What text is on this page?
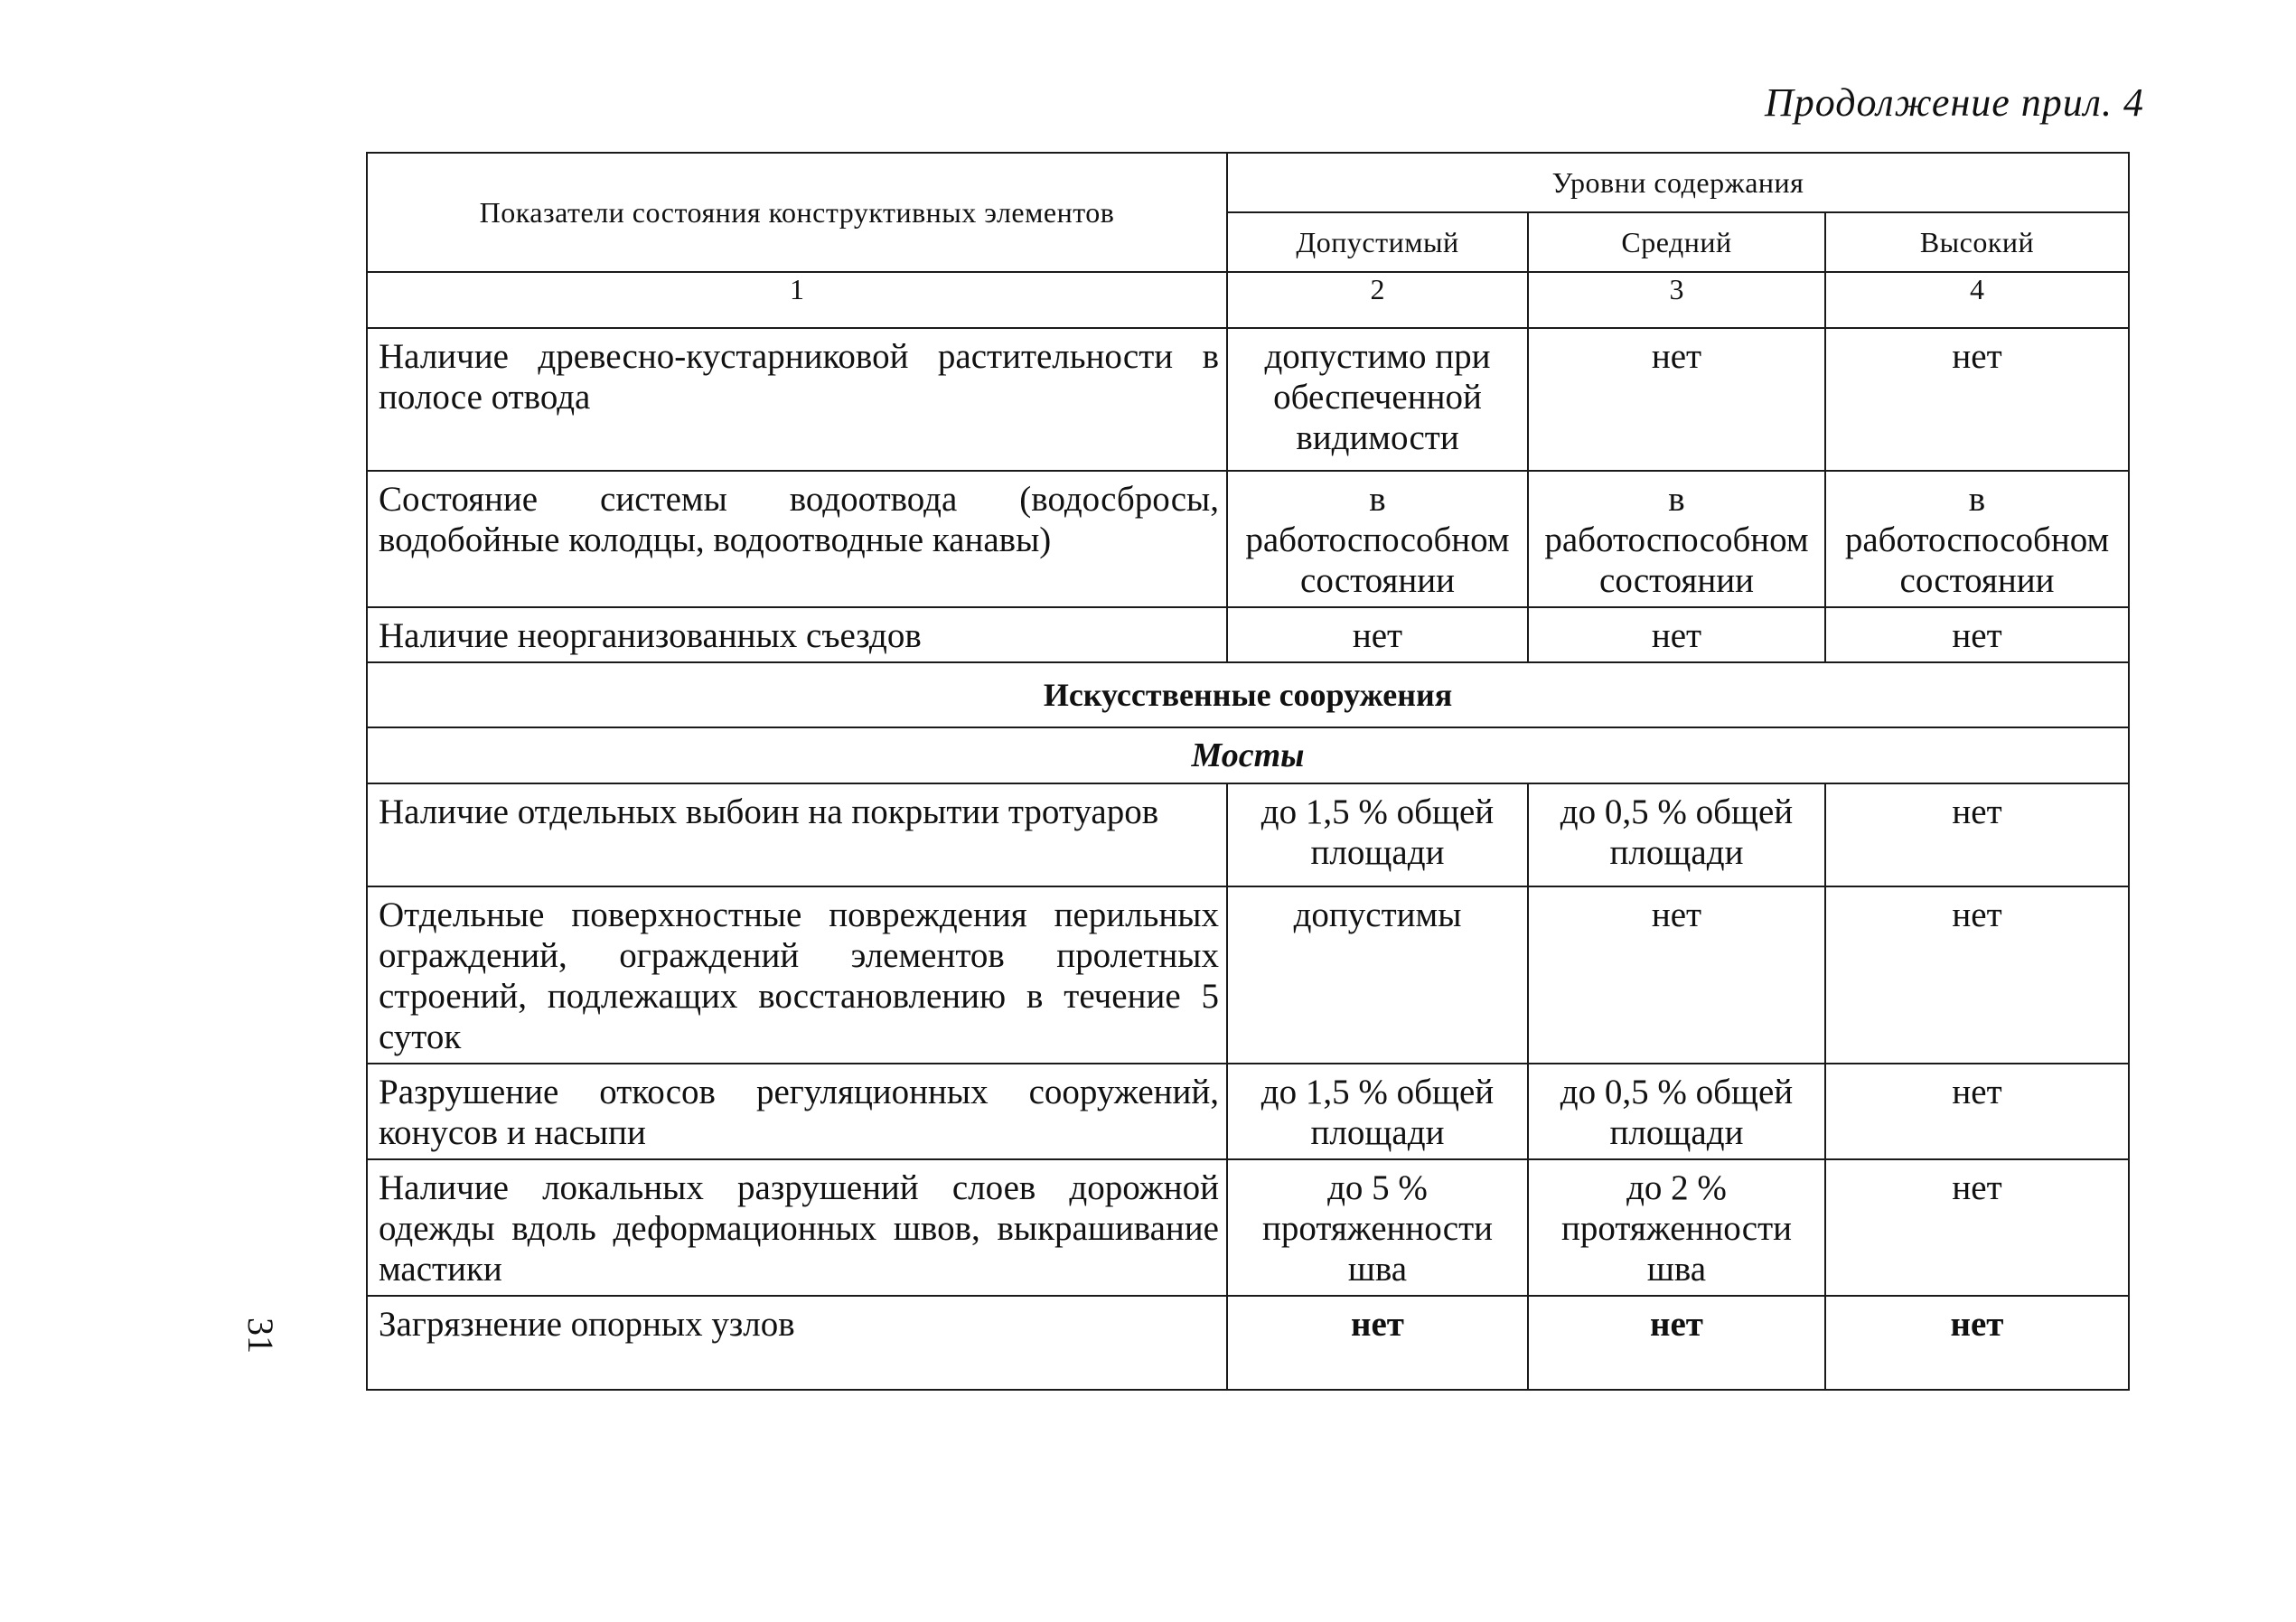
Продолжение прил. 4
31
Показатели состояния конструктивных элементов	Уровни содержания		
	Допустимый	Средний	Высокий
1	2	3	4
Наличие древесно-кустарниковой растительности в полосе отвода	допустимо при обеспеченной видимости	нет	нет
Состояние системы водоотвода (водосбросы, водобойные колодцы, водоотводные канавы)	в работоспособном состоянии	в работоспособном состоянии	в работоспособном состоянии
Наличие неорганизованных съездов	нет	нет	нет
Искусственные сооружения			
Мосты			
Наличие отдельных выбоин на покрытии тротуаров	до 1,5 % общей площади	до 0,5 % общей площади	нет
Отдельные поверхностные повреждения перильных ограждений, ограждений элементов пролетных строений, подлежащих восстановлению в течение 5 суток	допустимы	нет	нет
Разрушение откосов регуляционных сооружений, конусов и насыпи	до 1,5 % общей площади	до 0,5 % общей площади	нет
Наличие локальных разрушений слоев дорожной одежды вдоль деформационных швов, выкрашивание мастики	до 5 % протяженности шва	до 2 % протяженности шва	нет
Загрязнение опорных узлов	нет	нет	нет
